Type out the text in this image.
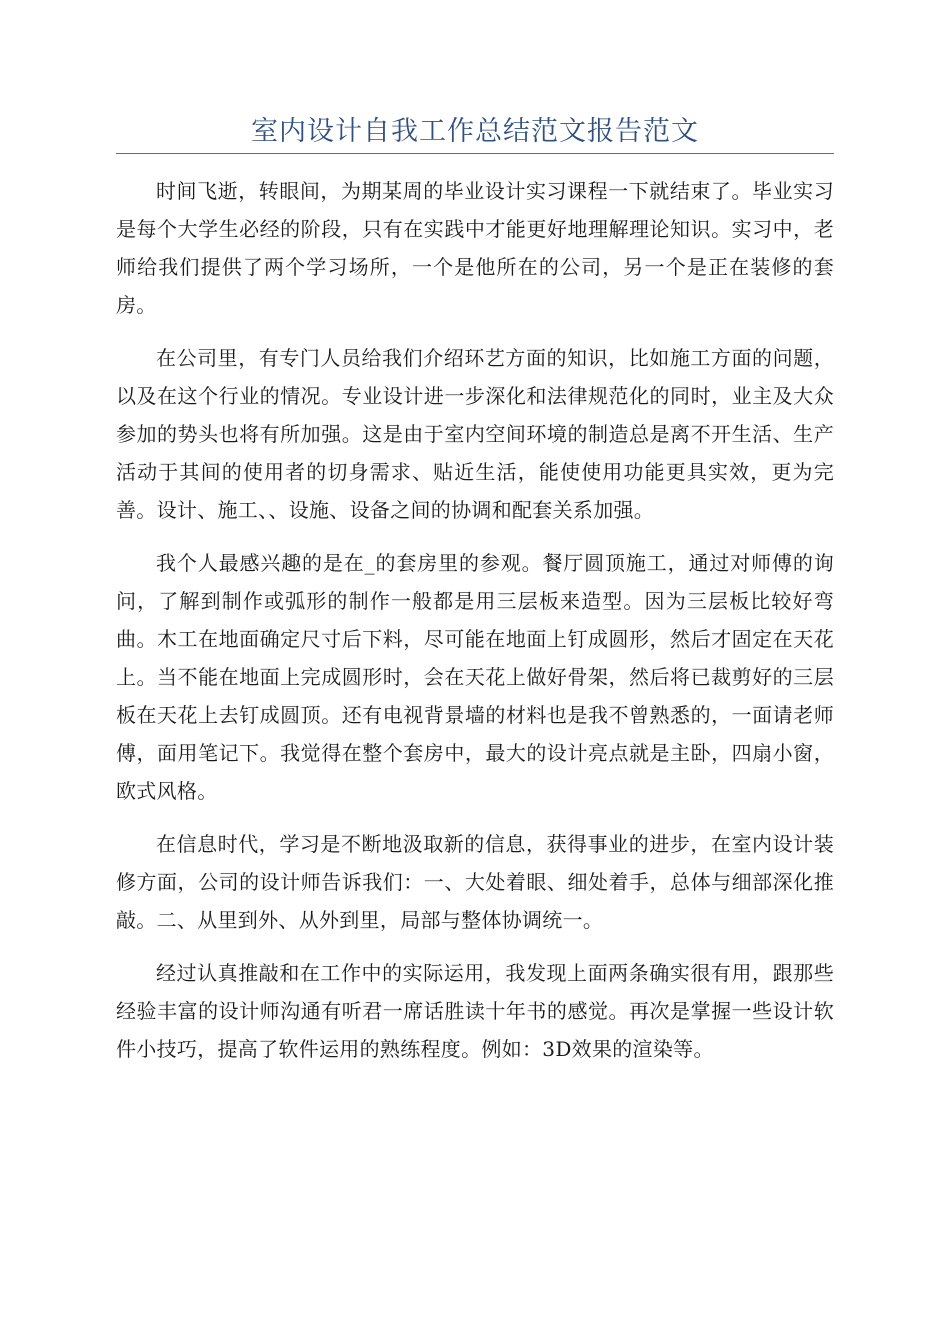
室内设计自我工作总结范文报告范文

时间飞逝，转眼间，为期某周的毕业设计实习课程一下就结束了。毕业实习是每个大学生必经的阶段，只有在实践中才能更好地理解理论知识。实习中，老师给我们提供了两个学习场所，一个是他所在的公司，另一个是正在装修的套房。

在公司里，有专门人员给我们介绍环艺方面的知识，比如施工方面的问题，以及在这个行业的情况。专业设计进一步深化和法律规范化的同时，业主及大众参加的势头也将有所加强。这是由于室内空间环境的制造总是离不开生活、生产活动于其间的使用者的切身需求、贴近生活，能使使用功能更具实效，更为完善。设计、施工、、设施、设备之间的协调和配套关系加强。

我个人最感兴趣的是在_的套房里的参观。餐厅圆顶施工，通过对师傅的询问，了解到制作或弧形的制作一般都是用三层板来造型。因为三层板比较好弯曲。木工在地面确定尺寸后下料，尽可能在地面上钉成圆形，然后才固定在天花上。当不能在地面上完成圆形时，会在天花上做好骨架，然后将已裁剪好的三层板在天花上去钉成圆顶。还有电视背景墙的材料也是我不曾熟悉的，一面请老师傅，面用笔记下。我觉得在整个套房中，最大的设计亮点就是主卧，四扇小窗，欧式风格。

在信息时代，学习是不断地汲取新的信息，获得事业的进步，在室内设计装修方面，公司的设计师告诉我们：一、大处着眼、细处着手，总体与细部深化推敲。二、从里到外、从外到里，局部与整体协调统一。

经过认真推敲和在工作中的实际运用，我发现上面两条确实很有用，跟那些经验丰富的设计师沟通有听君一席话胜读十年书的感觉。再次是掌握一些设计软件小技巧，提高了软件运用的熟练程度。例如：3D效果的渲染等。
